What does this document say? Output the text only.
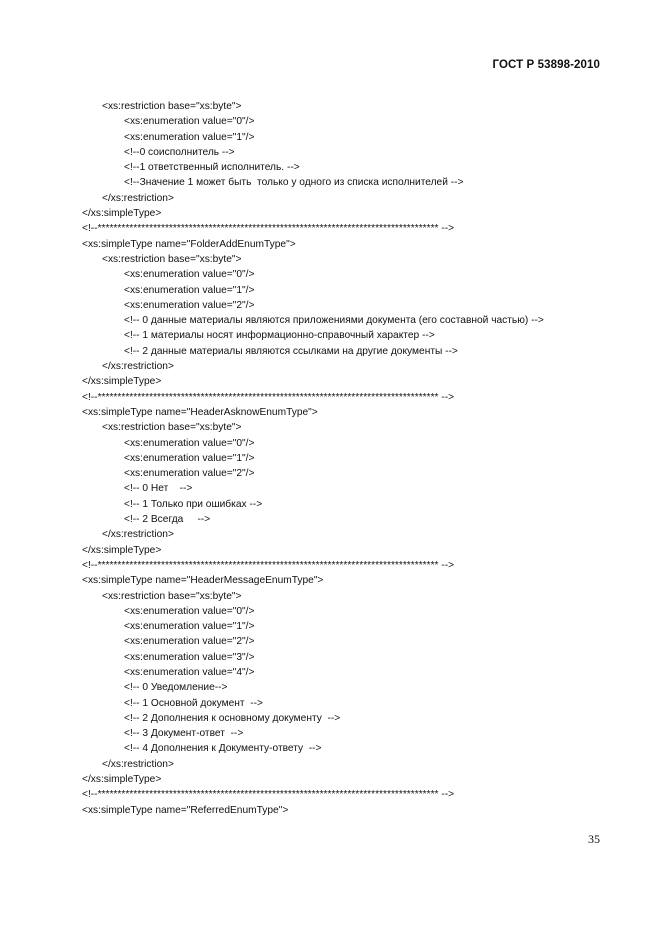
ГОСТ Р 53898-2010
<xs:restriction base="xs:byte">
<xs:enumeration value="0"/>
<xs:enumeration value="1"/>
<!--0 соисполнитель -->
<!--1 ответственный исполнитель. -->
<!--Значение 1 может быть  только у одного из списка исполнителей -->
</xs:restriction>
</xs:simpleType>
<!--************************************************************************************** -->
<xs:simpleType name="FolderAddEnumType">
<xs:restriction base="xs:byte">
<xs:enumeration value="0"/>
<xs:enumeration value="1"/>
<xs:enumeration value="2"/>
<!-- 0 данные материалы являются приложениями документа (его составной частью) -->
<!-- 1 материалы носят информационно-справочный характер -->
<!-- 2 данные материалы являются ссылками на другие документы -->
</xs:restriction>
</xs:simpleType>
<!--************************************************************************************** -->
<xs:simpleType name="HeaderAsknowEnumType">
<xs:restriction base="xs:byte">
<xs:enumeration value="0"/>
<xs:enumeration value="1"/>
<xs:enumeration value="2"/>
<!-- 0 Нет    -->
<!-- 1 Только при ошибках -->
<!-- 2 Всегда     -->
</xs:restriction>
</xs:simpleType>
<!--************************************************************************************** -->
<xs:simpleType name="HeaderMessageEnumType">
<xs:restriction base="xs:byte">
<xs:enumeration value="0"/>
<xs:enumeration value="1"/>
<xs:enumeration value="2"/>
<xs:enumeration value="3"/>
<xs:enumeration value="4"/>
<!-- 0 Уведомление-->
<!-- 1 Основной документ  -->
<!-- 2 Дополнения к основному документу  -->
<!-- 3 Документ-ответ  -->
<!-- 4 Дополнения к Документу-ответу  -->
</xs:restriction>
</xs:simpleType>
<!--************************************************************************************** -->
<xs:simpleType name="ReferredEnumType">
35
